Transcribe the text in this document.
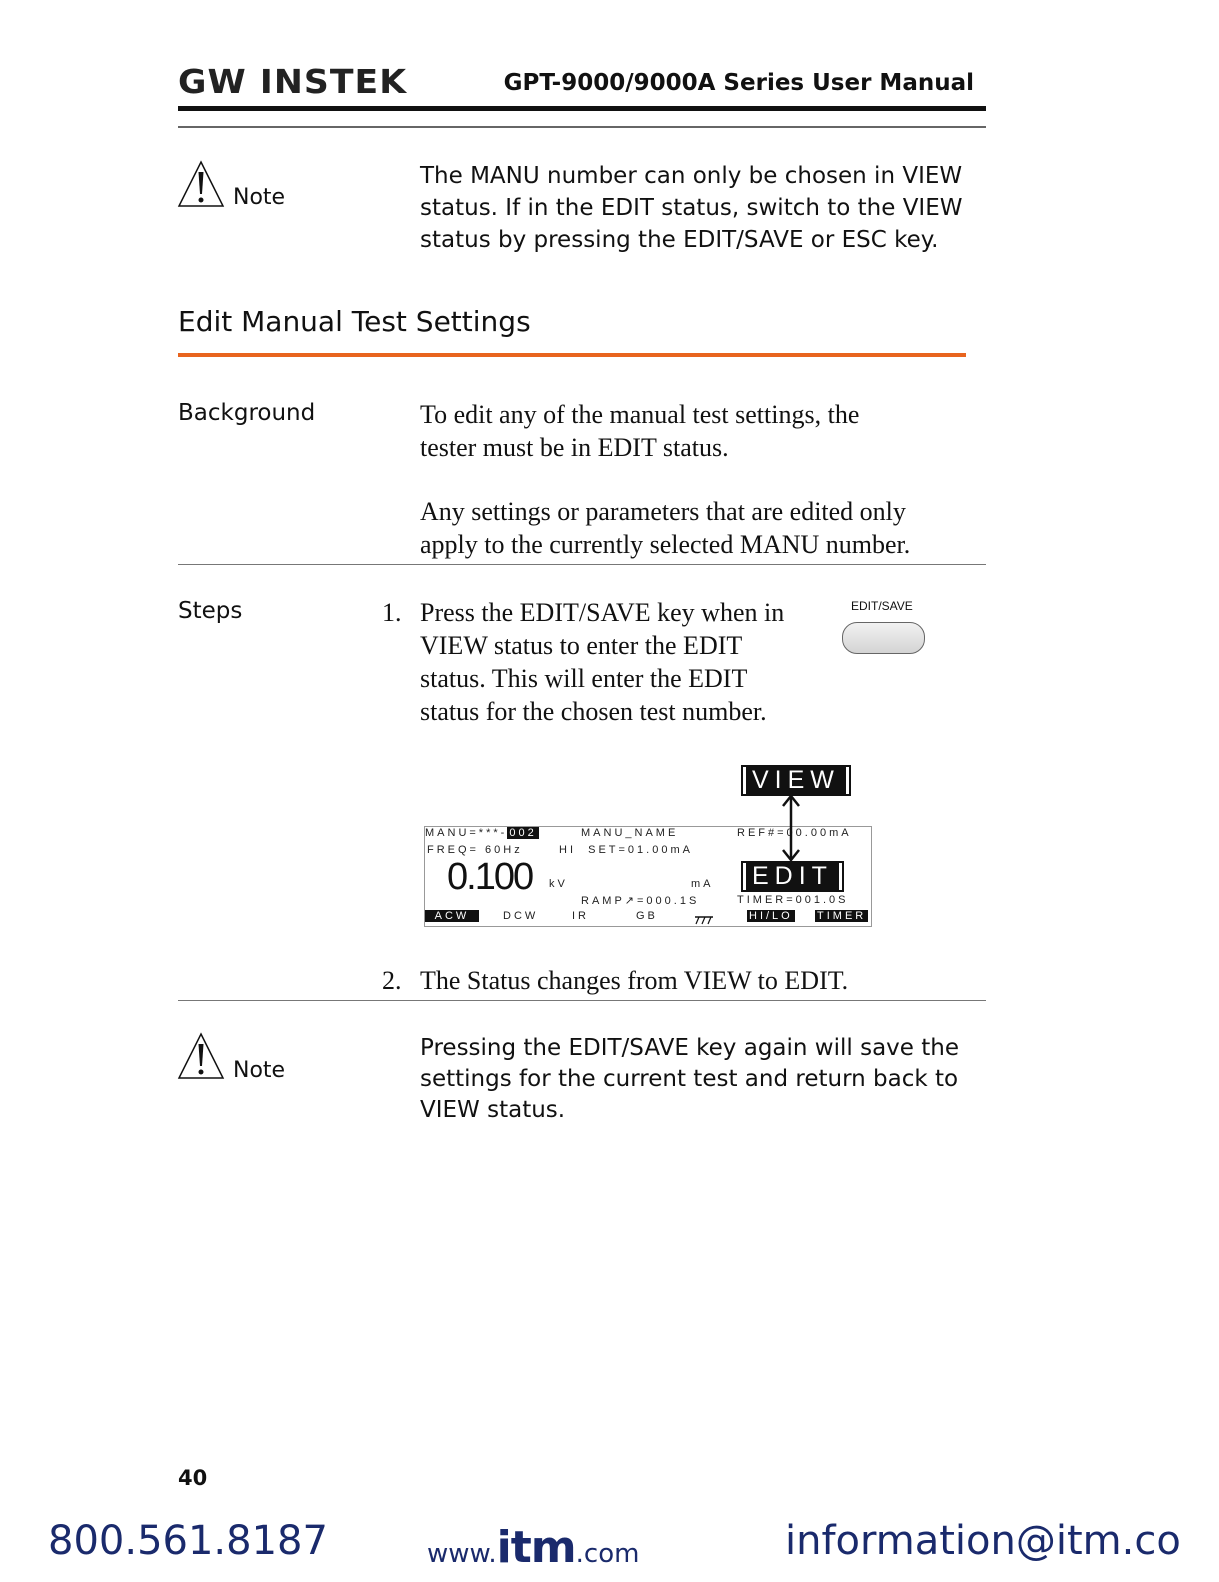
GW INSTEK	GPT-9000/9000A Series User Manual
Note
The MANU number can only be chosen in VIEW
status. If in the EDIT status, switch to the VIEW
status by pressing the EDIT/SAVE or ESC key.
Edit Manual Test Settings
Background	To edit any of the manual test settings, the
tester must be in EDIT status.
Any settings or parameters that are edited only
apply to the currently selected MANU number.
Steps	1. Press the EDIT/SAVE key when in
VIEW status to enter the EDIT
status. This will enter the EDIT
status for the chosen test number.
EDIT/SAVE
VIEW
MANU=***- 002	MANU_NAME	REF#=00.00mA
FREQ= 60Hz	HI  SET=01.00mA
0.100 kV	mA
RAMP↗=000.1S	TIMER=001.0S
ACW	DCW	IR	GB	HI/LO TIMER
EDIT
2. The Status changes from VIEW to EDIT.
Note
Pressing the EDIT/SAVE key again will save the
settings for the current test and return back to
VIEW status.
40
800.561.8187	www.itm.com	information@itm.co
